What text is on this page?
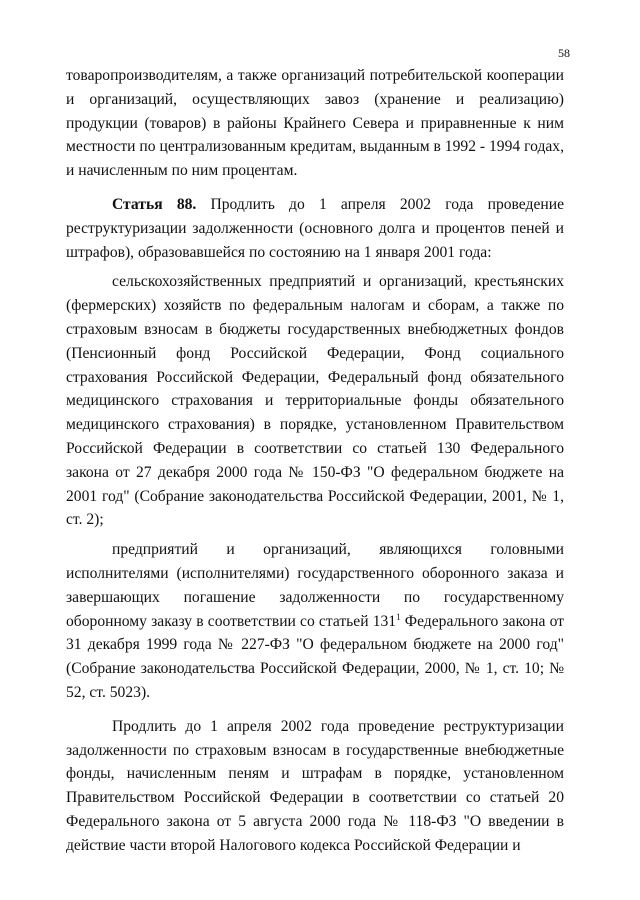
58

товаропроизводителям, а также организаций потребительской кооперации и организаций, осуществляющих завоз (хранение и реализацию) продукции (товаров) в районы Крайнего Севера и приравненные к ним местности по централизованным кредитам, выданным в 1992 - 1994 годах, и начисленным по ним процентам.

Статья 88. Продлить до 1 апреля 2002 года проведение реструктуризации задолженности (основного долга и процентов пеней и штрафов), образовавшейся по состоянию на 1 января 2001 года:

сельскохозяйственных предприятий и организаций, крестьянских (фермерских) хозяйств по федеральным налогам и сборам, а также по страховым взносам в бюджеты государственных внебюджетных фондов (Пенсионный фонд Российской Федерации, Фонд социального страхования Российской Федерации, Федеральный фонд обязательного медицинского страхования и территориальные фонды обязательного медицинского страхования) в порядке, установленном Правительством Российской Федерации в соответствии со статьей 130 Федерального закона от 27 декабря 2000 года № 150-ФЗ "О федеральном бюджете на 2001 год" (Собрание законодательства Российской Федерации, 2001, № 1, ст. 2);

предприятий и организаций, являющихся головными исполнителями (исполнителями) государственного оборонного заказа и завершающих погашение задолженности по государственному оборонному заказу в соответствии со статьей $131^1$ Федерального закона от 31 декабря 1999 года № 227-ФЗ "О федеральном бюджете на 2000 год" (Собрание законодательства Российской Федерации, 2000, № 1, ст. 10; № 52, ст. 5023).

Продлить до 1 апреля 2002 года проведение реструктуризации задолженности по страховым взносам в государственные внебюджетные фонды, начисленным пеням и штрафам в порядке, установленном Правительством Российской Федерации в соответствии со статьей 20 Федерального закона от 5 августа 2000 года № 118-ФЗ "О введении в действие части второй Налогового кодекса Российской Федерации и
